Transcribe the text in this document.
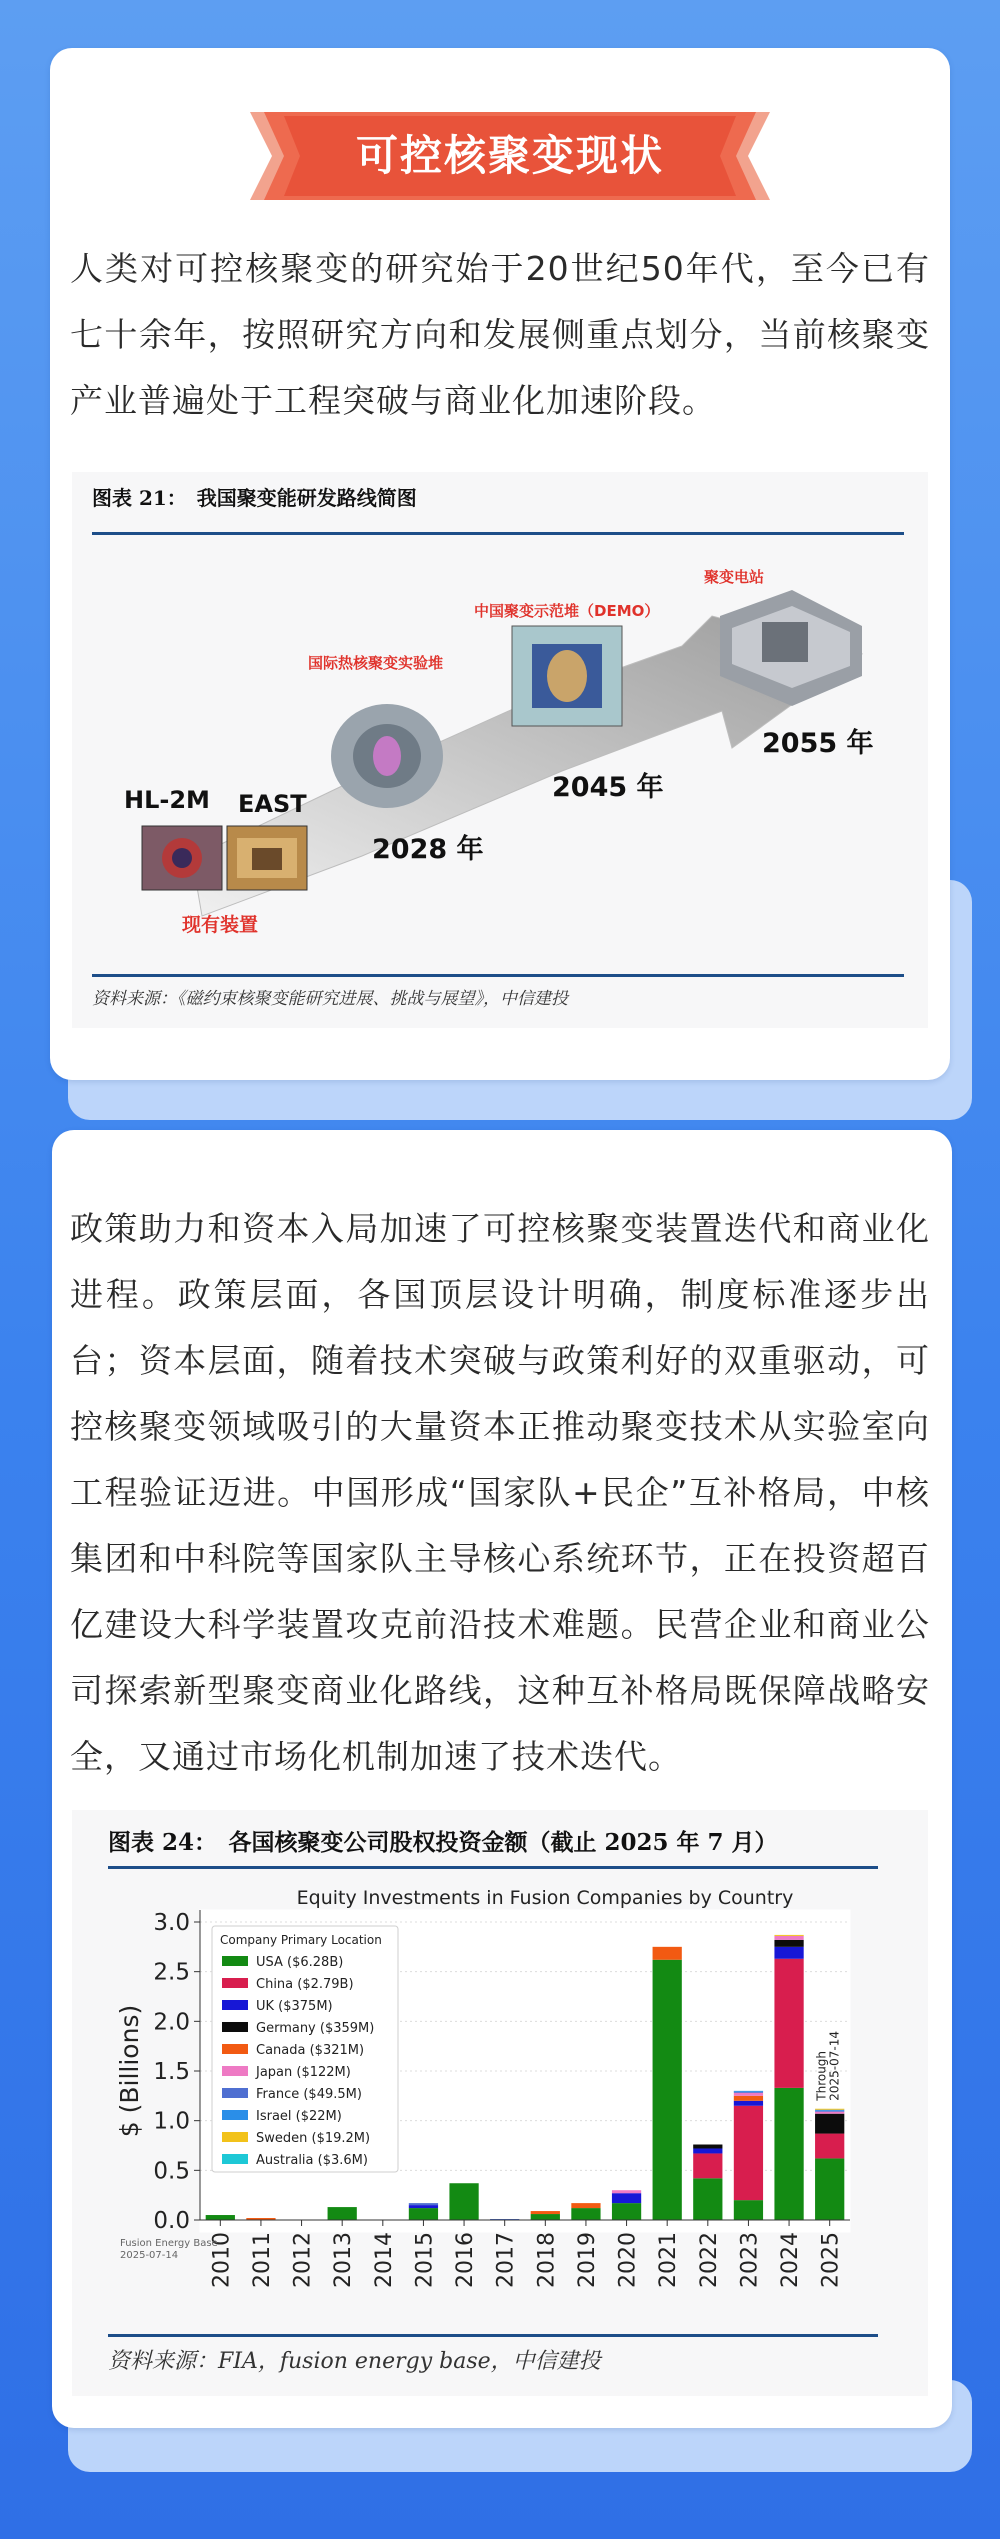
可控核聚变现状
人类对可控核聚变的研究始于20世纪50年代，至今已有七十余年，按照研究方向和发展侧重点划分，当前核聚变产业普遍处于工程突破与商业化加速阶段。
图表 21：　我国聚变能研发路线简图
现有装置
HL-2M EAST
国际热核聚变实验堆
中国聚变示范堆（DEMO）
聚变电站
2028 年
2045 年
2055 年
资料来源：《磁约束核聚变能研究进展、挑战与展望》，中信建投
政策助力和资本入局加速了可控核聚变装置迭代和商业化进程。政策层面，各国顶层设计明确，制度标准逐步出台；资本层面，随着技术突破与政策利好的双重驱动，可控核聚变领域吸引的大量资本正推动聚变技术从实验室向工程验证迈进。中国形成“国家队+民企”互补格局，中核集团和中科院等国家队主导核心系统环节，正在投资超百亿建设大科学装置攻克前沿技术难题。民营企业和商业公司探索新型聚变商业化路线，这种互补格局既保障战略安全，又通过市场化机制加速了技术迭代。
图表 24：　各国核聚变公司股权投资金额（截止 2025 年 7 月）
Equity Investments in Fusion Companies by Country
0.0
0.5
1.0
1.5
2.0
2.5
3.0
$ (Billions)
2010 2011 2012 2013 2014 2015 2016 2017 2018 2019 2020 2021 2022 2023 2024 2025
Company Primary Location
USA ($6.28B)
China ($2.79B)
UK ($375M)
Germany ($359M)
Canada ($321M)
Japan ($122M)
France ($49.5M)
Israel ($22M)
Sweden ($19.2M)
Australia ($3.6M)
Fusion Energy Base
2025-07-14
Through 2025-07-14
资料来源：FIA，fusion energy base，中信建投
